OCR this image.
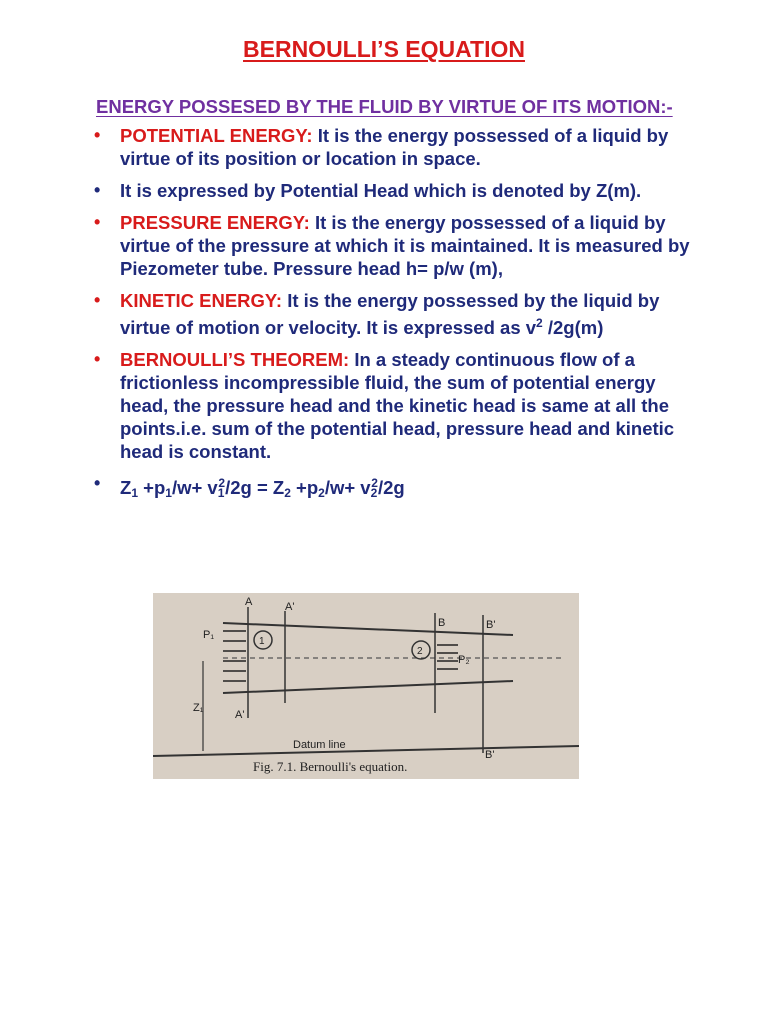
BERNOULLI’S EQUATION
ENERGY POSSESED BY THE FLUID BY VIRTUE OF ITS MOTION:-
• POTENTIAL ENERGY: It is the energy possessed of a liquid by virtue of its position or location in space.
• It is expressed by Potential Head which is denoted by Z(m).
• PRESSURE ENERGY: It is the energy possessed of a liquid by virtue of the pressure at which it is maintained. It is measured by Piezometer tube. Pressure head h= p/w (m),
• KINETIC ENERGY: It is the energy possessed by the liquid by virtue of motion or velocity. It is expressed as $v^2$ /2g(m)
• BERNOULLI’S THEOREM: In a steady continuous flow of a frictionless incompressible fluid, the sum of potential energy head, the pressure head and the kinetic head is same at all the points.i.e. sum of the potential head, pressure head and kinetic head is constant.
• $Z_1 +p_1/w+ v_1^2/2g = Z_2 +p_2/w+ v_2^2/2g$
A	A'
B	B'
P₁
P₂
1
2
A'
B'
Z₁
Datum line
Fig. 7.1. Bernoulli's equation.
